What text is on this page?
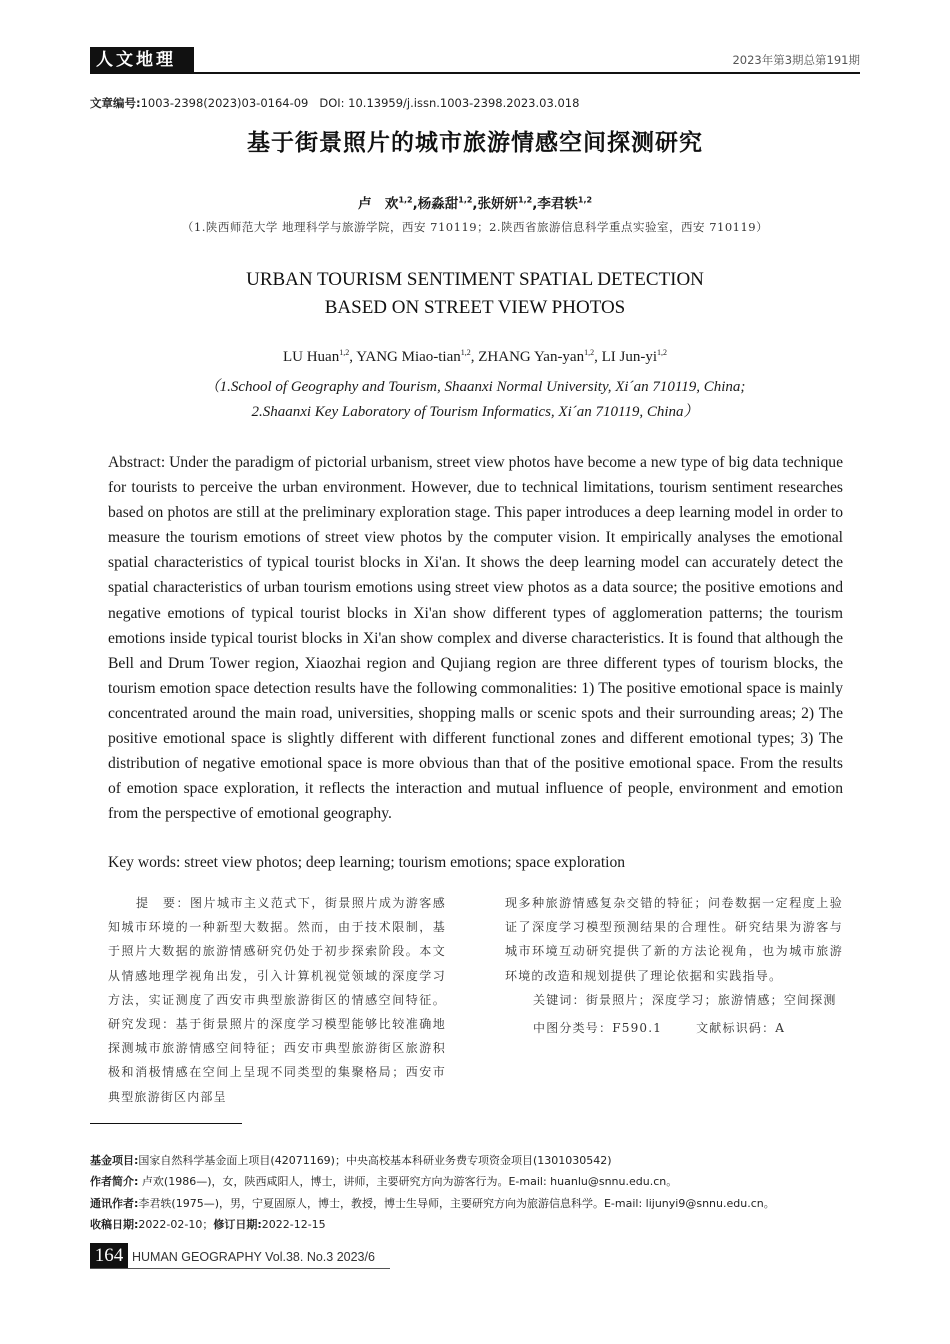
人文地理	2023年第3期总第191期
文章编号:1003-2398(2023)03-0164-09 DOI: 10.13959/j.issn.1003-2398.2023.03.018
基于街景照片的城市旅游情感空间探测研究
卢　欢$^{1,2}$,杨淼甜$^{1,2}$,张妍妍$^{1,2}$,李君轶$^{1,2}$
（1.陕西师范大学 地理科学与旅游学院，西安 710119；2.陕西省旅游信息科学重点实验室，西安 710119）
URBAN TOURISM SENTIMENT SPATIAL DETECTION
BASED ON STREET VIEW PHOTOS
LU Huan$^{1,2}$, YANG Miao-tian$^{1,2}$, ZHANG Yan-yan$^{1,2}$, LI Jun-yi$^{1,2}$
（1.School of Geography and Tourism, Shaanxi Normal University, Xi´an 710119, China;
2.Shaanxi Key Laboratory of Tourism Informatics, Xi´an 710119, China）
Abstract: Under the paradigm of pictorial urbanism, street view photos have become a new type of big data technique for tourists to perceive the urban environment. However, due to technical limitations, tourism sentiment researches based on photos are still at the preliminary exploration stage. This paper introduces a deep learning model in order to measure the tourism emotions of street view photos by the computer vision. It empirically analyses the emotional spatial characteristics of typical tourist blocks in Xi'an. It shows the deep learning model can accurately detect the spatial characteristics of urban tourism emotions using street view photos as a data source; the positive emotions and negative emotions of typical tourist blocks in Xi'an show different types of agglomeration patterns; the tourism emotions inside typical tourist blocks in Xi'an show complex and diverse characteristics. It is found that although the Bell and Drum Tower region, Xiaozhai region and Qujiang region are three different types of tourism blocks, the tourism emotion space detection results have the following commonalities: 1) The positive emotional space is mainly concentrated around the main road, universities, shopping malls or scenic spots and their surrounding areas; 2) The positive emotional space is slightly different with different functional zones and different emotional types; 3) The distribution of negative emotional space is more obvious than that of the positive emotional space. From the results of emotion space exploration, it reflects the interaction and mutual influence of people, environment and emotion from the perspective of emotional geography.
Key words: street view photos; deep learning; tourism emotions; space exploration
提　要：图片城市主义范式下，街景照片成为游客感知城市环境的一种新型大数据。然而，由于技术限制，基于照片大数据的旅游情感研究仍处于初步探索阶段。本文从情感地理学视角出发，引入计算机视觉领域的深度学习方法，实证测度了西安市典型旅游街区的情感空间特征。研究发现：基于街景照片的深度学习模型能够比较准确地探测城市旅游情感空间特征；西安市典型旅游街区旅游积极和消极情感在空间上呈现不同类型的集聚格局；西安市典型旅游街区内部呈

现多种旅游情感复杂交错的特征；问卷数据一定程度上验证了深度学习模型预测结果的合理性。研究结果为游客与城市环境互动研究提供了新的方法论视角，也为城市旅游环境的改造和规划提供了理论依据和实践指导。

关键词：街景照片；深度学习；旅游情感；空间探测

中图分类号：F590.1	文献标识码：A

基金项目:国家自然科学基金面上项目(42071169)；中央高校基本科研业务费专项资金项目(1301030542)
作者简介: 卢欢(1986—)，女，陕西咸阳人，博士，讲师，主要研究方向为游客行为。E-mail: huanlu@snnu.edu.cn。
通讯作者:李君轶(1975—)，男，宁夏固原人，博士，教授，博士生导师，主要研究方向为旅游信息科学。E-mail: lijunyi9@snnu.edu.cn。
收稿日期:2022-02-10；修订日期:2022-12-15
164 HUMAN GEOGRAPHY Vol.38. No.3 2023/6
